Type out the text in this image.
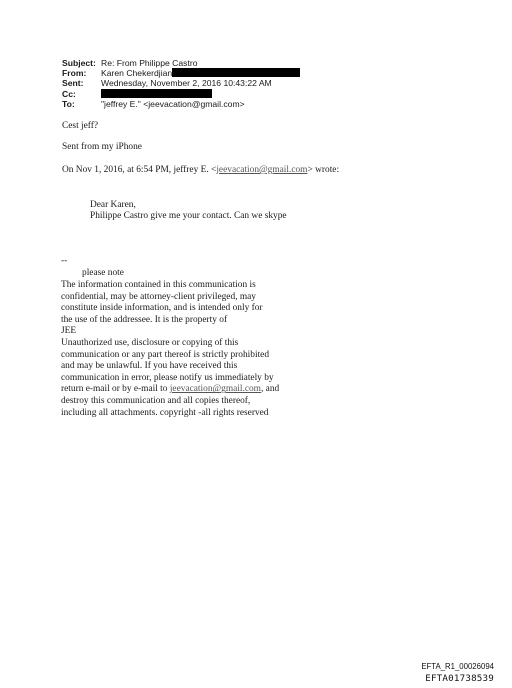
Subject: Re: From Philippe Castro
From:	Karen Chekerdjian
Sent:	Wednesday, November 2, 2016 10:43:22 AM
Cc:
To:	"jeffrey E." <jeevacation@gmail.com>
Cest jeff?
Sent from my iPhone
On Nov 1, 2016, at 6:54 PM, jeffrey E. <jeevacation@gmail.com> wrote:
Dear Karen,
Philippe Castro give me your contact. Can we skype
--
please note
The information contained in this communication is
confidential, may be attorney-client privileged, may
constitute inside information, and is intended only for
the use of the addressee. It is the property of
JEE
Unauthorized use, disclosure or copying of this
communication or any part thereof is strictly prohibited
and may be unlawful. If you have received this
communication in error, please notify us immediately by
return e-mail or by e-mail to jeevacation@gmail.com, and
destroy this communication and all copies thereof,
including all attachments. copyright -all rights reserved
EFTA_R1_00026094
EFTA01738539
